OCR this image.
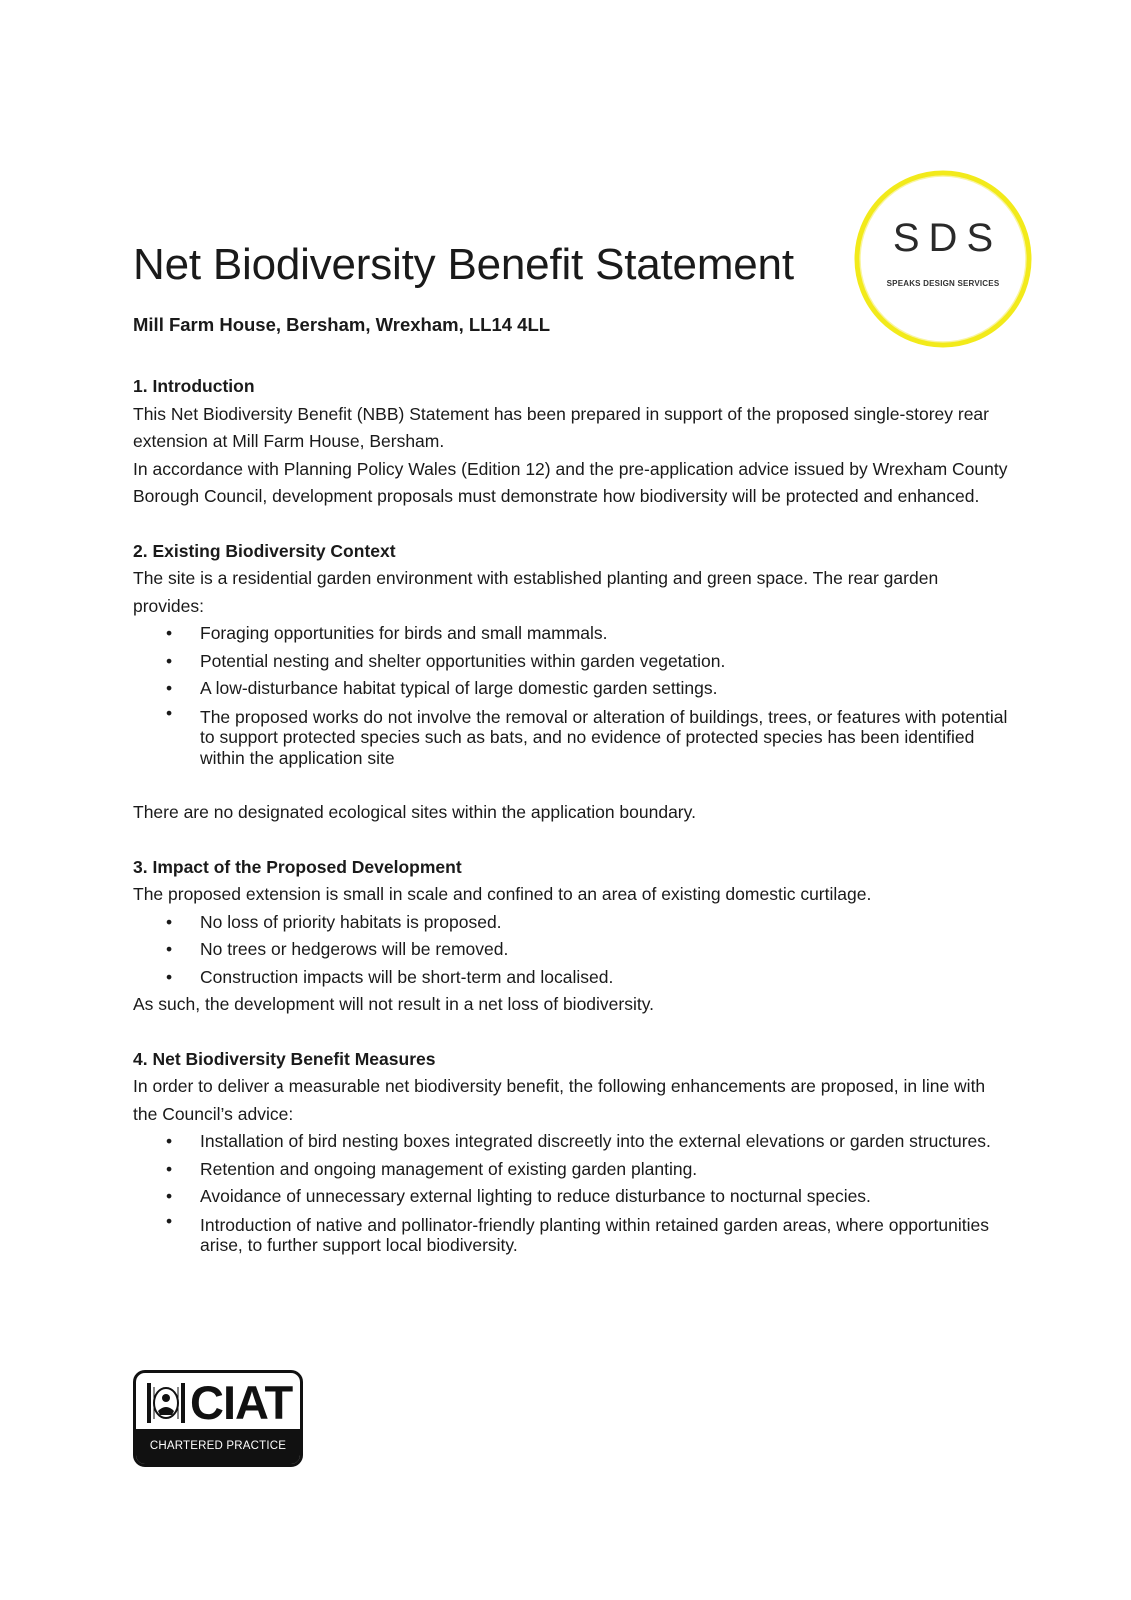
Net Biodiversity Benefit Statement
Mill Farm House, Bersham, Wrexham, LL14 4LL
SDS
SPEAKS DESIGN SERVICES
1. Introduction

This Net Biodiversity Benefit (NBB) Statement has been prepared in support of the proposed single-storey rear extension at Mill Farm House, Bersham.

In accordance with Planning Policy Wales (Edition 12) and the pre-application advice issued by Wrexham County Borough Council, development proposals must demonstrate how biodiversity will be protected and enhanced.

2. Existing Biodiversity Context

The site is a residential garden environment with established planting and green space. The rear garden provides:

• Foraging opportunities for birds and small mammals.
• Potential nesting and shelter opportunities within garden vegetation.
• A low-disturbance habitat typical of large domestic garden settings.
• The proposed works do not involve the removal or alteration of buildings, trees, or features with potential to support protected species such as bats, and no evidence of protected species has been identified within the application site

There are no designated ecological sites within the application boundary.

3. Impact of the Proposed Development

The proposed extension is small in scale and confined to an area of existing domestic curtilage.

• No loss of priority habitats is proposed.
• No trees or hedgerows will be removed.
• Construction impacts will be short-term and localised.

As such, the development will not result in a net loss of biodiversity.

4. Net Biodiversity Benefit Measures

In order to deliver a measurable net biodiversity benefit, the following enhancements are proposed, in line with the Council’s advice:

• Installation of bird nesting boxes integrated discreetly into the external elevations or garden structures.
• Retention and ongoing management of existing garden planting.
• Avoidance of unnecessary external lighting to reduce disturbance to nocturnal species.
• Introduction of native and pollinator-friendly planting within retained garden areas, where opportunities arise, to further support local biodiversity.
CIAT
CHARTERED PRACTICE
